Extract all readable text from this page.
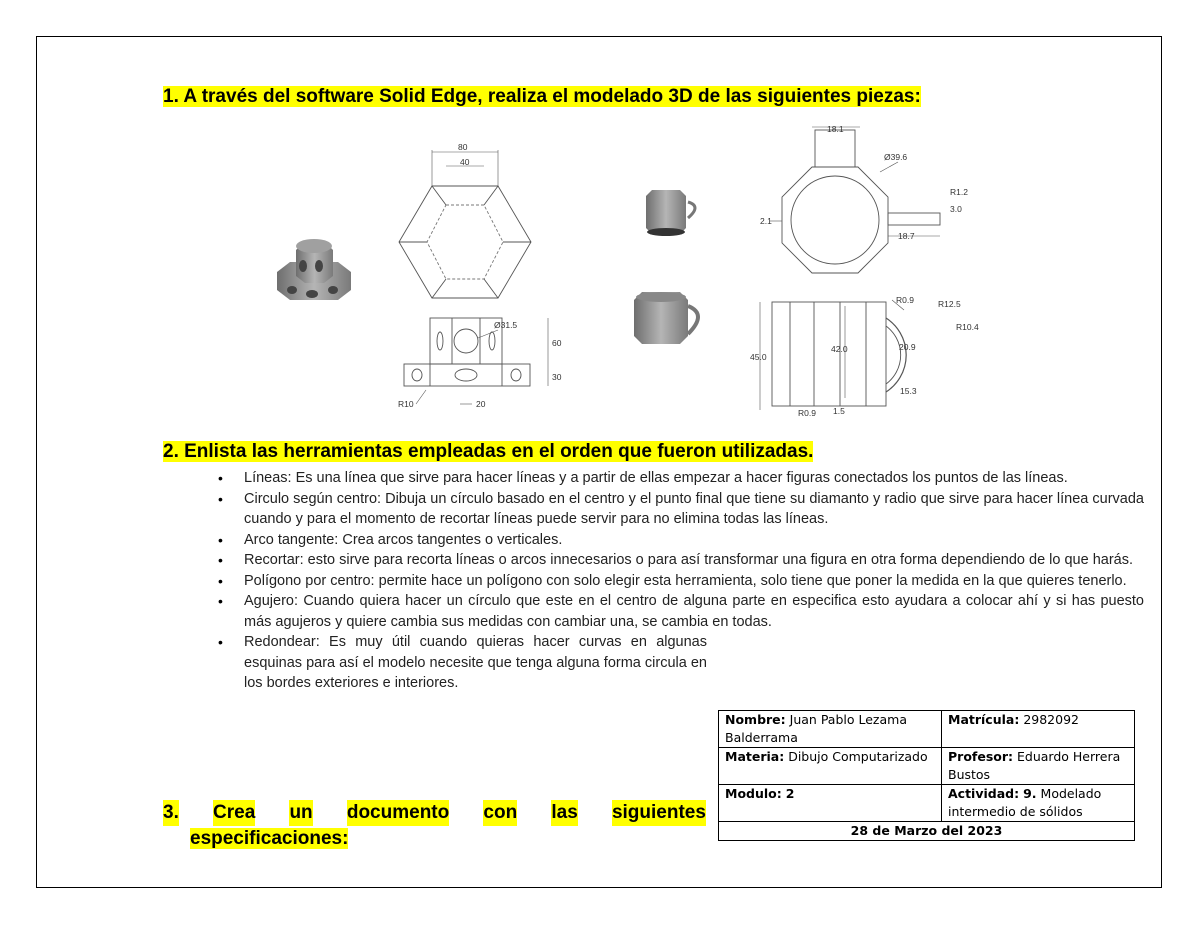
1. A través del software Solid Edge, realiza el modelado 3D de las siguientes piezas:
80
40
Ø31.5
60
30
R10	20
18.1
Ø39.6
R1.2
3.0
2.1
18.7
R0.9	R12.5
R10.4
45.0
42.0	20.9
15.3
R0.9 1.5
2. Enlista las herramientas empleadas en el orden que fueron utilizadas.
• Líneas: Es una línea que sirve para hacer líneas y a partir de ellas empezar a hacer figuras conectados los puntos de las líneas.
• Circulo según centro: Dibuja un círculo basado en el centro y el punto final que tiene su diamanto y radio que sirve para hacer línea curvada cuando y para el momento de recortar líneas puede servir para no elimina todas las líneas.
• Arco tangente: Crea arcos tangentes o verticales.
• Recortar: esto sirve para recorta líneas o arcos innecesarios o para así transformar una figura en otra forma dependiendo de lo que harás.
• Polígono por centro: permite hace un polígono con solo elegir esta herramienta, solo tiene que poner la medida en la que quieres tenerlo.
• Agujero: Cuando quiera hacer un círculo que este en el centro de alguna parte en especifica esto ayudara a colocar ahí y si has puesto más agujeros y quiere cambia sus medidas con cambiar una, se cambia en todas.
• Redondear: Es muy útil cuando quieras hacer curvas en algunas esquinas para así el modelo necesite que tenga alguna forma circula en los bordes exteriores e interiores.
3. Crea un documento con las siguientes
especificaciones:
Nombre: Juan Pablo Lezama Balderrama	Matrícula: 2982092
Materia: Dibujo Computarizado	Profesor: Eduardo Herrera Bustos
Modulo: 2	Actividad: 9. Modelado intermedio de sólidos
28 de Marzo del 2023	
